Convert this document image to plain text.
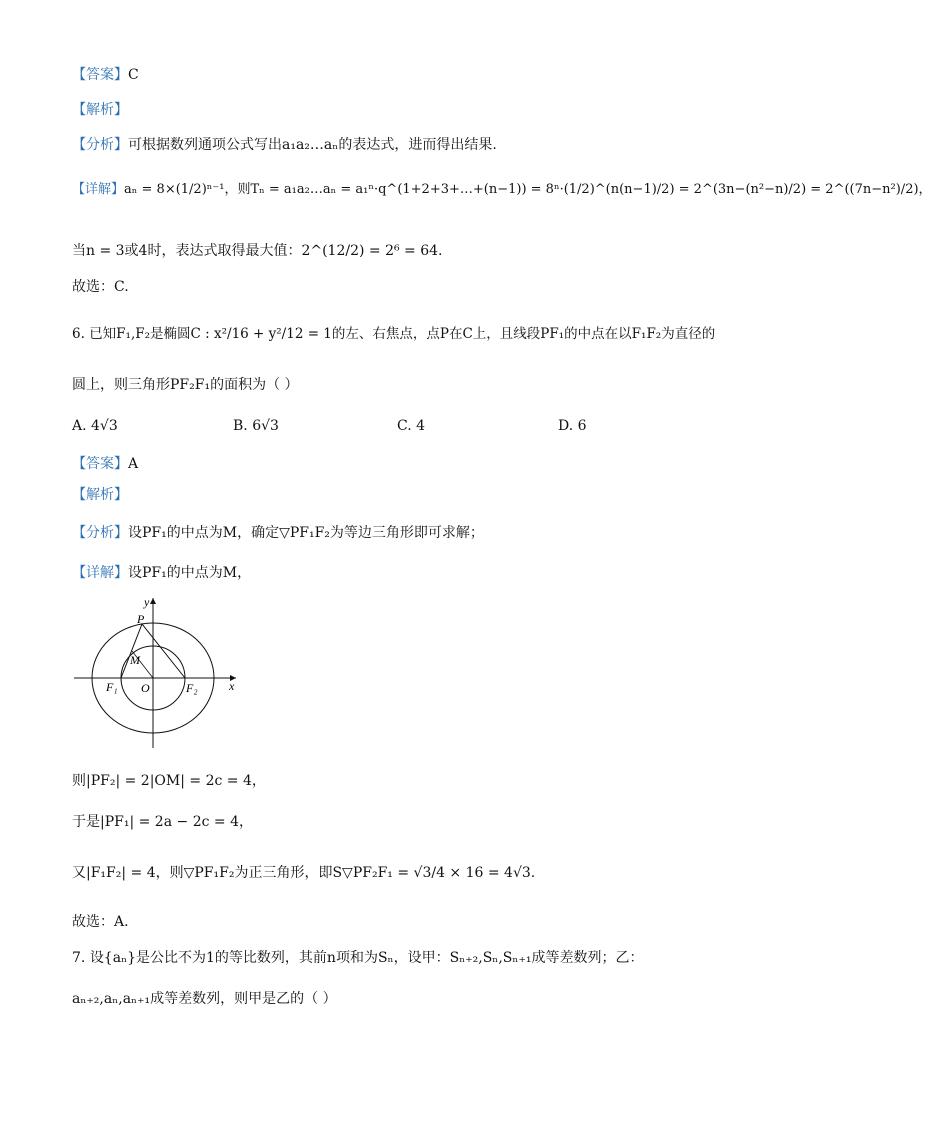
【答案】C
【解析】
【分析】可根据数列通项公式写出a₁a₂…aₙ的表达式，进而得出结果.
【详解】aₙ = 8×(1/2)ⁿ⁻¹，则Tₙ = a₁a₂…aₙ = a₁ⁿ·q^(1+2+3+…+(n−1)) = 8ⁿ·(1/2)^(n(n−1)/2) = 2^(3n−(n²−n)/2) = 2^((7n−n²)/2)，
当n = 3或4时，表达式取得最大值：2^(12/2) = 2⁶ = 64.
故选：C.
6. 已知F₁,F₂是椭圆C : x²/16 + y²/12 = 1的左、右焦点，点P在C上，且线段PF₁的中点在以F₁F₂为直径的
圆上，则三角形PF₂F₁的面积为（ ）
A. 4√3	B. 6√3	C. 4	D. 6
【答案】A
【解析】
【分析】设PF₁的中点为M，确定▽PF₁F₂为等边三角形即可求解；
【详解】设PF₁的中点为M，
y
x
P
M
F₁ O	F₂
则|PF₂| = 2|OM| = 2c = 4，
于是|PF₁| = 2a − 2c = 4，
又|F₁F₂| = 4，则▽PF₁F₂为正三角形，即S▽PF₂F₁ = √3/4 × 16 = 4√3.
故选：A.
7. 设{aₙ}是公比不为1的等比数列，其前n项和为Sₙ，设甲：Sₙ₊₂,Sₙ,Sₙ₊₁成等差数列；乙：
aₙ₊₂,aₙ,aₙ₊₁成等差数列，则甲是乙的（ ）
